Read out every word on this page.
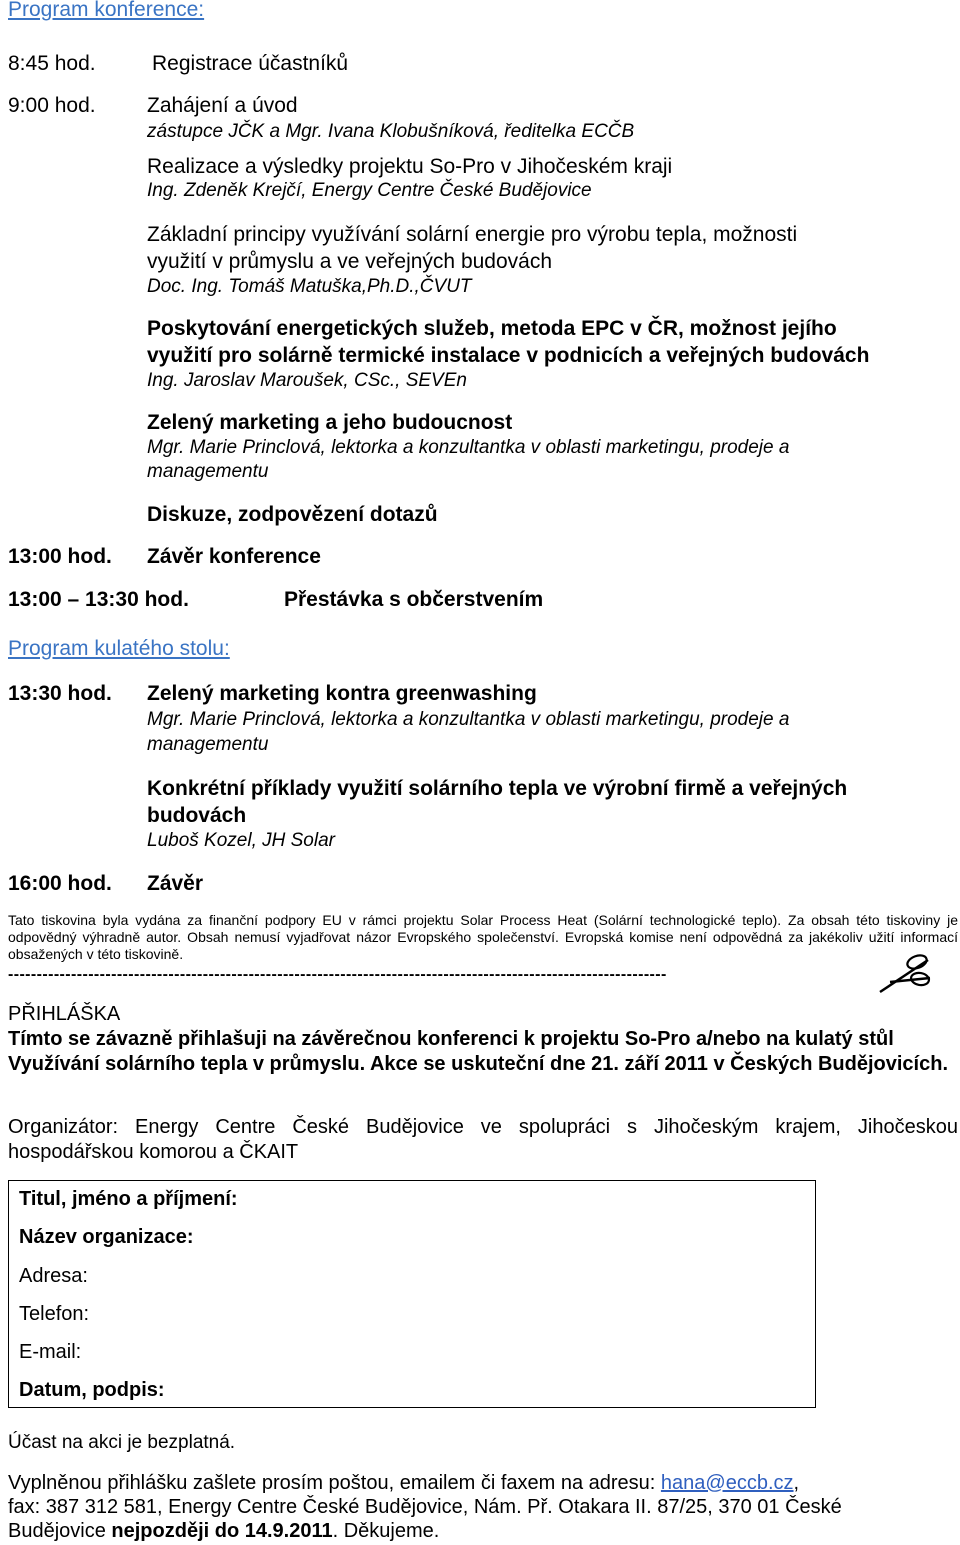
Program konference:
8:45 hod.	Registrace účastníků
9:00 hod. Zahájení a úvod
zástupce JČK a Mgr. Ivana Klobušníková, ředitelka ECČB
Realizace a výsledky projektu So-Pro v Jihočeském kraji
Ing. Zdeněk Krejčí, Energy Centre České Budějovice
Základní principy využívání solární energie pro výrobu tepla, možnosti
využití v průmyslu a ve veřejných budovách
Doc. Ing. Tomáš Matuška,Ph.D.,ČVUT
Poskytování energetických služeb, metoda EPC v ČR, možnost jejího
využití pro solárně termické instalace v podnicích a veřejných budovách
Ing. Jaroslav Maroušek, CSc., SEVEn
Zelený marketing a jeho budoucnost
Mgr. Marie Princlová, lektorka a konzultantka v oblasti marketingu, prodeje a
managementu
Diskuze, zodpovězení dotazů
13:00 hod. Závěr konference
13:00 – 13:30 hod.	Přestávka s občerstvením
Program kulatého stolu:
13:30 hod. Zelený marketing kontra greenwashing
Mgr. Marie Princlová, lektorka a konzultantka v oblasti marketingu, prodeje a
managementu
Konkrétní příklady využití solárního tepla ve výrobní firmě a veřejných
budovách
Luboš Kozel, JH Solar
16:00 hod. Závěr
Tato tiskovina byla vydána za finanční podpory EU v rámci projektu Solar Process Heat (Solární technologické teplo). Za obsah této tiskoviny je odpovědný výhradně autor. Obsah nemusí vyjadřovat názor Evropského společenství. Evropská komise není odpovědná za jakékoliv užití informací obsažených v této tiskovině.
-------------------------------------------------------------------------------------------------------------------
PŘIHLÁŠKA
Tímto se závazně přihlašuji na závěrečnou konferenci k projektu So-Pro a/nebo na kulatý stůl Využívání solárního tepla v průmyslu. Akce se uskuteční dne 21. září 2011 v Českých Budějovicích.
Organizátor: Energy Centre České Budějovice ve spolupráci s Jihočeským krajem, Jihočeskou hospodářskou komorou a ČKAIT
Titul, jméno a příjmení:
Název organizace:
Adresa:
Telefon:
E-mail:
Datum, podpis:
Účast na akci je bezplatná.
Vyplněnou přihlášku zašlete prosím poštou, emailem či faxem na adresu: hana@eccb.cz,
fax: 387 312 581, Energy Centre České Budějovice, Nám. Př. Otakara II. 87/25, 370 01 České
Budějovice nejpozději do 14.9.2011. Děkujeme.
